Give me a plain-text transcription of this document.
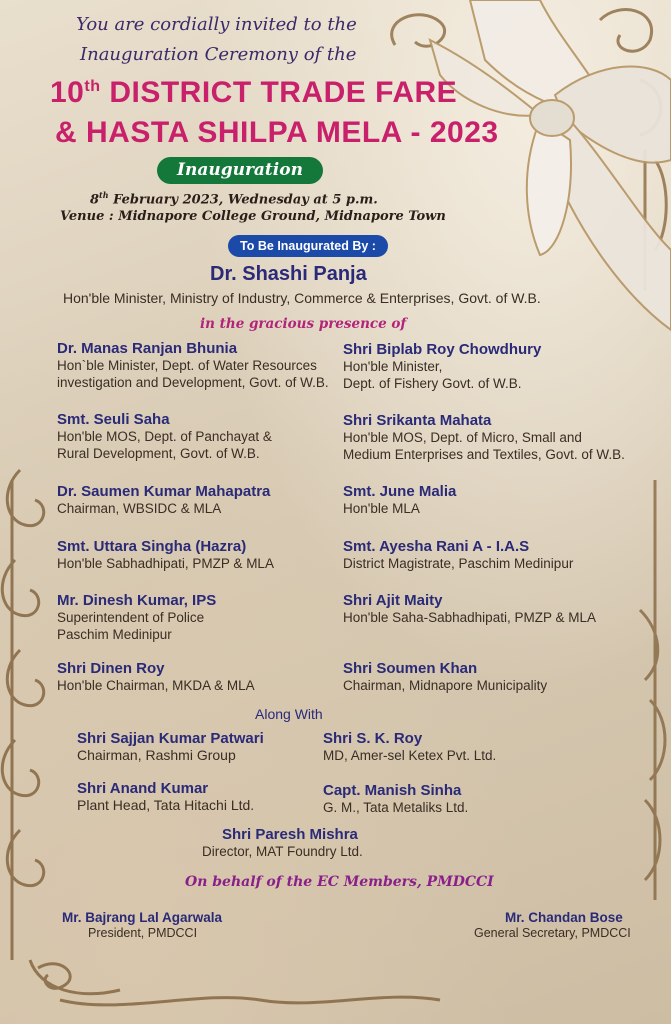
You are cordially invited to the
Inauguration Ceremony of the
10th DISTRICT TRADE FARE
& HASTA SHILPA MELA - 2023
Inauguration
8th February 2023, Wednesday at 5 p.m.
Venue : Midnapore College Ground, Midnapore Town
To Be Inaugurated By :
Dr. Shashi Panja
Hon'ble Minister, Ministry of Industry, Commerce & Enterprises, Govt. of W.B.
in the gracious presence of
Dr. Manas Ranjan Bhunia
Hon`ble Minister, Dept. of Water Resources
investigation and Development, Govt. of W.B.
Smt. Seuli Saha
Hon'ble MOS, Dept. of Panchayat &
Rural Development, Govt. of W.B.
Dr. Saumen Kumar Mahapatra
Chairman, WBSIDC & MLA
Smt. Uttara Singha (Hazra)
Hon'ble Sabhadhipati, PMZP & MLA
Mr. Dinesh Kumar, IPS
Superintendent of Police
Paschim Medinipur
Shri Dinen Roy
Hon'ble Chairman, MKDA & MLA
Shri Biplab Roy Chowdhury
Hon'ble Minister,
Dept. of Fishery Govt. of W.B.
Shri Srikanta Mahata
Hon'ble MOS, Dept. of Micro, Small and
Medium Enterprises and Textiles, Govt. of W.B.
Smt. June Malia
Hon'ble MLA
Smt. Ayesha Rani A - I.A.S
District Magistrate, Paschim Medinipur
Shri Ajit Maity
Hon'ble Saha-Sabhadhipati, PMZP & MLA
Shri Soumen Khan
Chairman, Midnapore Municipality
Along With
Shri Sajjan Kumar Patwari
Chairman, Rashmi Group
Shri S. K. Roy
MD, Amer-sel Ketex Pvt. Ltd.
Shri Anand Kumar
Plant Head, Tata Hitachi Ltd.
Capt. Manish Sinha
G. M., Tata Metaliks Ltd.
Shri Paresh Mishra
Director, MAT Foundry Ltd.
On behalf of the EC Members, PMDCCI
Mr. Bajrang Lal Agarwala
President, PMDCCI
Mr. Chandan Bose
General Secretary, PMDCCI
